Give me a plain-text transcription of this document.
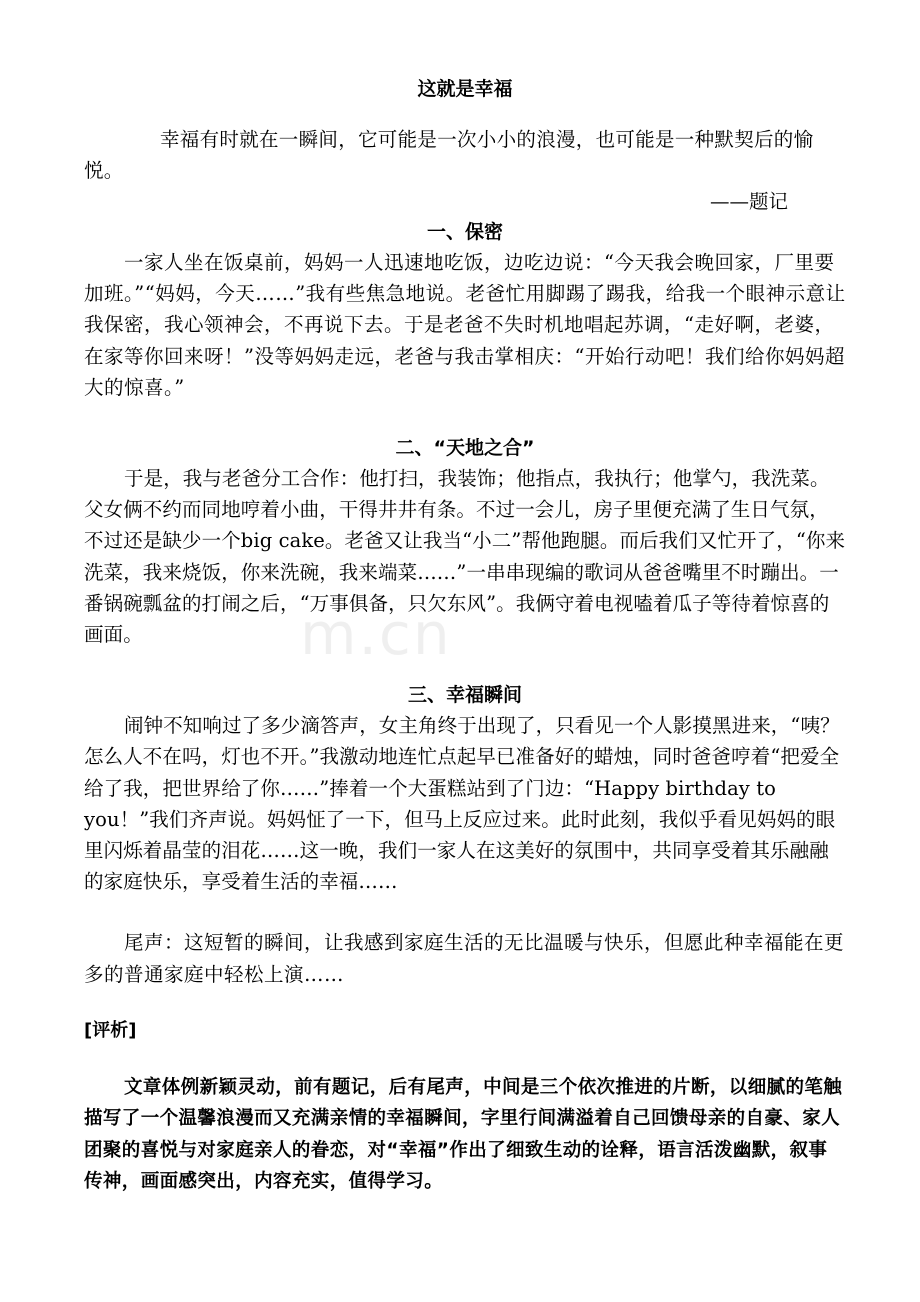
m.cn
这就是幸福

幸福有时就在一瞬间，它可能是一次小小的浪漫，也可能是一种默契后的愉悦。

——题记

一、保密

一家人坐在饭桌前，妈妈一人迅速地吃饭，边吃边说：“今天我会晚回家，厂里要加班。”“妈妈，今天……”我有些焦急地说。老爸忙用脚踢了踢我，给我一个眼神示意让我保密，我心领神会，不再说下去。于是老爸不失时机地唱起苏调，“走好啊，老婆，在家等你回来呀！”没等妈妈走远，老爸与我击掌相庆：“开始行动吧！我们给你妈妈超大的惊喜。”

二、“天地之合”

于是，我与老爸分工合作：他打扫，我装饰；他指点，我执行；他掌勺，我洗菜。父女俩不约而同地哼着小曲，干得井井有条。不过一会儿，房子里便充满了生日气氛，不过还是缺少一个big cake。老爸又让我当“小二”帮他跑腿。而后我们又忙开了，“你来洗菜，我来烧饭，你来洗碗，我来端菜……”一串串现编的歌词从爸爸嘴里不时蹦出。一番锅碗瓢盆的打闹之后，“万事俱备，只欠东风”。我俩守着电视嗑着瓜子等待着惊喜的画面。

三、幸福瞬间

闹钟不知响过了多少滴答声，女主角终于出现了，只看见一个人影摸黑进来，“咦？怎么人不在吗，灯也不开。”我激动地连忙点起早已准备好的蜡烛，同时爸爸哼着“把爱全给了我，把世界给了你……”捧着一个大蛋糕站到了门边：“Happy birthday to you！”我们齐声说。妈妈怔了一下，但马上反应过来。此时此刻，我似乎看见妈妈的眼里闪烁着晶莹的泪花……这一晚，我们一家人在这美好的氛围中，共同享受着其乐融融的家庭快乐，享受着生活的幸福……

尾声：这短暂的瞬间，让我感到家庭生活的无比温暖与快乐，但愿此种幸福能在更多的普通家庭中轻松上演……

[评析]

文章体例新颖灵动，前有题记，后有尾声，中间是三个依次推进的片断，以细腻的笔触描写了一个温馨浪漫而又充满亲情的幸福瞬间，字里行间满溢着自己回馈母亲的自豪、家人团聚的喜悦与对家庭亲人的眷恋，对“幸福”作出了细致生动的诠释，语言活泼幽默，叙事传神，画面感突出，内容充实，值得学习。
